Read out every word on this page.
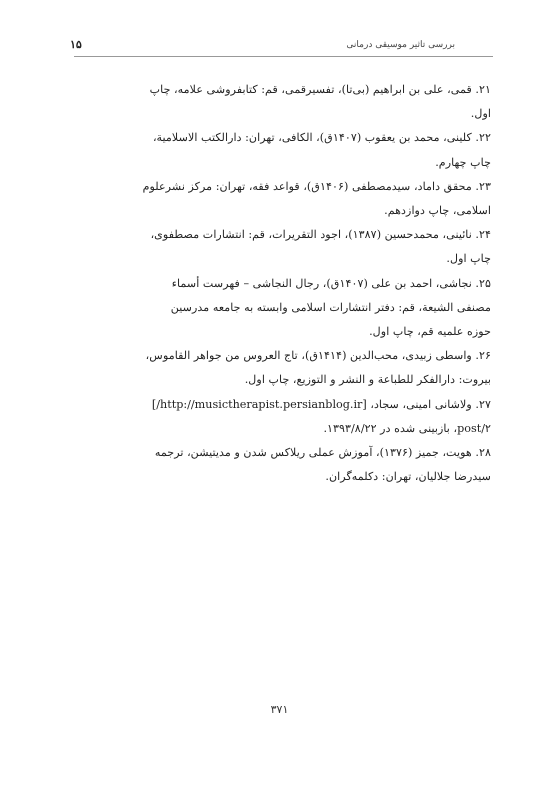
بررسی تاثیر موسیقی درمانی
۱۵
۲۱. قمی، علی بن ابراهیم (بی‌تا)، تفسیرقمی، قم: کتابفروشی علامه، چاپ
اول.
۲۲. کلینی، محمد بن یعقوب (۱۴۰۷ق)، الکافی، تهران: دارالکتب الاسلامیة،
چاپ چهارم.
۲۳. محقق داماد، سیدمصطفی (۱۴۰۶ق)، قواعد فقه، تهران: مرکز نشرعلوم
اسلامی، چاپ دوازدهم.
۲۴. نائینی، محمدحسین (۱۳۸۷)، اجود التقریرات، قم: انتشارات مصطفوی،
چاپ اول.
۲۵. نجاشی، احمد بن علی (۱۴۰۷ق)، رجال النجاشی – فهرست أسماء
مصنفی الشیعة، قم: دفتر انتشارات اسلامی وابسته به جامعه مدرسین
حوزه علمیه قم، چاپ اول.
۲۶. واسطی زبیدی، محب‌الدین (۱۴۱۴ق)، تاج العروس من جواهر القاموس،
بیروت: دارالفکر للطباعة و النشر و التوزیع، چاپ اول.
۲۷. ولاشانی امینی، سجاد، [http://musictherapist.persianblog.ir/]
۲/post، بازبینی شده در ۱۳۹۳/۸/۲۲.
۲۸. هویت، جمیز (۱۳۷۶)، آموزش عملی ریلاکس شدن و مدیتیشن، ترجمه
سیدرضا جلالیان، تهران: دکلمه‌گران.
۳۷۱
